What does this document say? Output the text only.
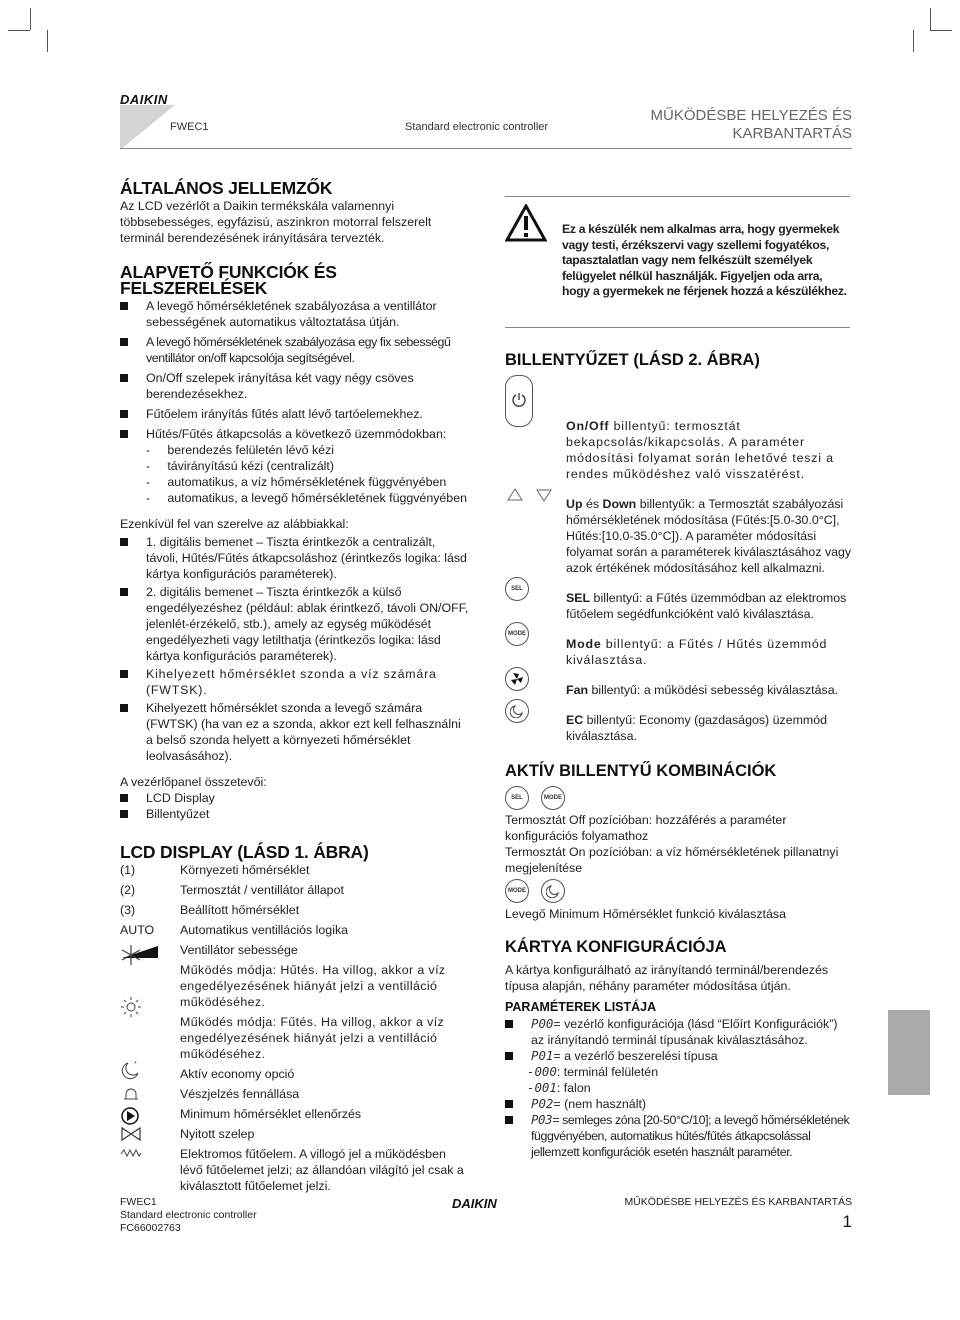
DAIKIN
FWEC1	Standard electronic controller
MŰKÖDÉSBE HELYEZÉS ÉS
KARBANTARTÁS
ÁLTALÁNOS JELLEMZŐK

Az LCD vezérlőt a Daikin termékskála valamennyi többsebességes, egyfázisú, aszinkron motorral felszerelt terminál berendezésének irányítására tervezték.

ALAPVETŐ FUNKCIÓK ÉS FELSZERELÉSEK

A levegő hőmérsékletének szabályozása a ventillátor sebességének automatikus változtatása útján.

A levegő hőmérsékletének szabályozása egy fix sebességű ventillátor on/off kapcsolója segítségével.

On/Off szelepek irányítása két vagy négy csöves berendezésekhez.

Fűtőelem irányítás fűtés alatt lévő tartóelemekhez.

Hűtés/Fűtés átkapcsolás a következő üzemmódokban:

-     berendezés felületén lévő kézi

-     távirányítású kézi (centralizált)

-     automatikus, a víz hőmérsékletének függvényében

-     automatikus, a levegő hőmérsékletének függvényében

Ezenkívül fel van szerelve az alábbiakkal:

1. digitális bemenet – Tiszta érintkezők a centralizált, távoli, Hűtés/Fűtés átkapcsoláshoz (érintkezős logika: lásd kártya konfigurációs paraméterek).

2. digitális bemenet – Tiszta érintkezők a külső engedélyezéshez (például: ablak érintkező, távoli ON/OFF, jelenlét-érzékelő, stb.), amely az egység működését engedélyezheti vagy letilthatja (érintkezős logika: lásd kártya konfigurációs paraméterek).

Kihelyezett hőmérséklet szonda a víz számára (FWTSK).

Kihelyezett hőmérséklet szonda a levegő számára (FWTSK) (ha van ez a szonda, akkor ezt kell felhasználni a belső szonda helyett a környezeti hőmérséklet leolvasásához).

A vezérlőpanel összetevői:

LCD Display

Billentyűzet

LCD DISPLAY (LÁSD 1. ÁBRA)
(1)	Környezeti hőmérséklet
(2)	Termosztát / ventillátor állapot
(3)	Beállított hőmérséklet
AUTO Automatikus ventillációs logika
Ventillátor sebessége
Működés módja: Hűtés. Ha villog, akkor a víz engedélyezésének hiányát jelzi a ventilláció működéséhez.
Működés módja: Fűtés. Ha villog, akkor a víz engedélyezésének hiányát jelzi a ventilláció működéséhez.
*
Aktív economy opció
Vészjelzés fennállása
Minimum hőmérséklet ellenőrzés
Nyitott szelep
Elektromos fűtőelem. A villogó jel a működésben lévő fűtőelemet jelzi; az állandóan világító jel csak a kiválasztott fűtőelemet jelzi.
Ez a készülék nem alkalmas arra, hogy gyermekek vagy testi, érzékszervi vagy szellemi fogyatékos, tapasztalatlan vagy nem felkészült személyek felügyelet nélkül használják. Figyeljen oda arra, hogy a gyermekek ne férjenek hozzá a készülékhez.
BILLENTYŰZET (LÁSD 2. ÁBRA)
SEL
MODE

On/Off billentyű: termosztát bekapcsolás/kikapcsolás. A paraméter módosítási folyamat során lehetővé teszi a rendes működéshez való visszatérést.

Up és Down billentyűk: a Termosztát szabályozási hőmérsékletének módosítása (Fűtés:[5.0-30.0°C], Hűtés:[10.0-35.0°C]). A paraméter módosítási folyamat során a paraméterek kiválasztásához vagy azok értékének módosításához kell alkalmazni.

SEL billentyű: a Fűtés üzemmódban az elektromos fűtőelem segédfunkcióként való kiválasztása.

Mode billentyű: a Fűtés / Hűtés üzemmód kiválasztása.

Fan billentyű: a működési sebesség kiválasztása.

EC billentyű: Economy (gazdaságos) üzemmód kiválasztása.

AKTÍV BILLENTYŰ KOMBINÁCIÓK
SEL	MODE

Termosztát Off pozícióban: hozzáférés a paraméter konfigurációs folyamathoz

Termosztát On pozícióban: a víz hőmérsékletének pillanatnyi megjelenítése

MODE
Levegő Minimum Hőmérséklet funkció kiválasztása
KÁRTYA KONFIGURÁCIÓJA
A kártya konfigurálható az irányítandó terminál/berendezés típusa alapján, néhány paraméter módosítása útján.
PARAMÉTEREK LISTÁJA

P00= vezérlő konfigurációja (lásd “Előírt Konfigurációk”) az irányítandó terminál típusának kiválasztásához.

P01= a vezérlő beszerelési típusa

-000: terminál felületén

-001: falon

P02= (nem használt)

P03= semleges zóna [20-50°C/10]; a levegő hőmérsékletének függvényében, automatikus hűtés/fűtés átkapcsolással jellemzett konfigurációk esetén használt paraméter.

FWEC1
Standard electronic controller
FC66002763
DAIKIN	MŰKÖDÉSBE HELYEZÉS ÉS KARBANTARTÁS
1
